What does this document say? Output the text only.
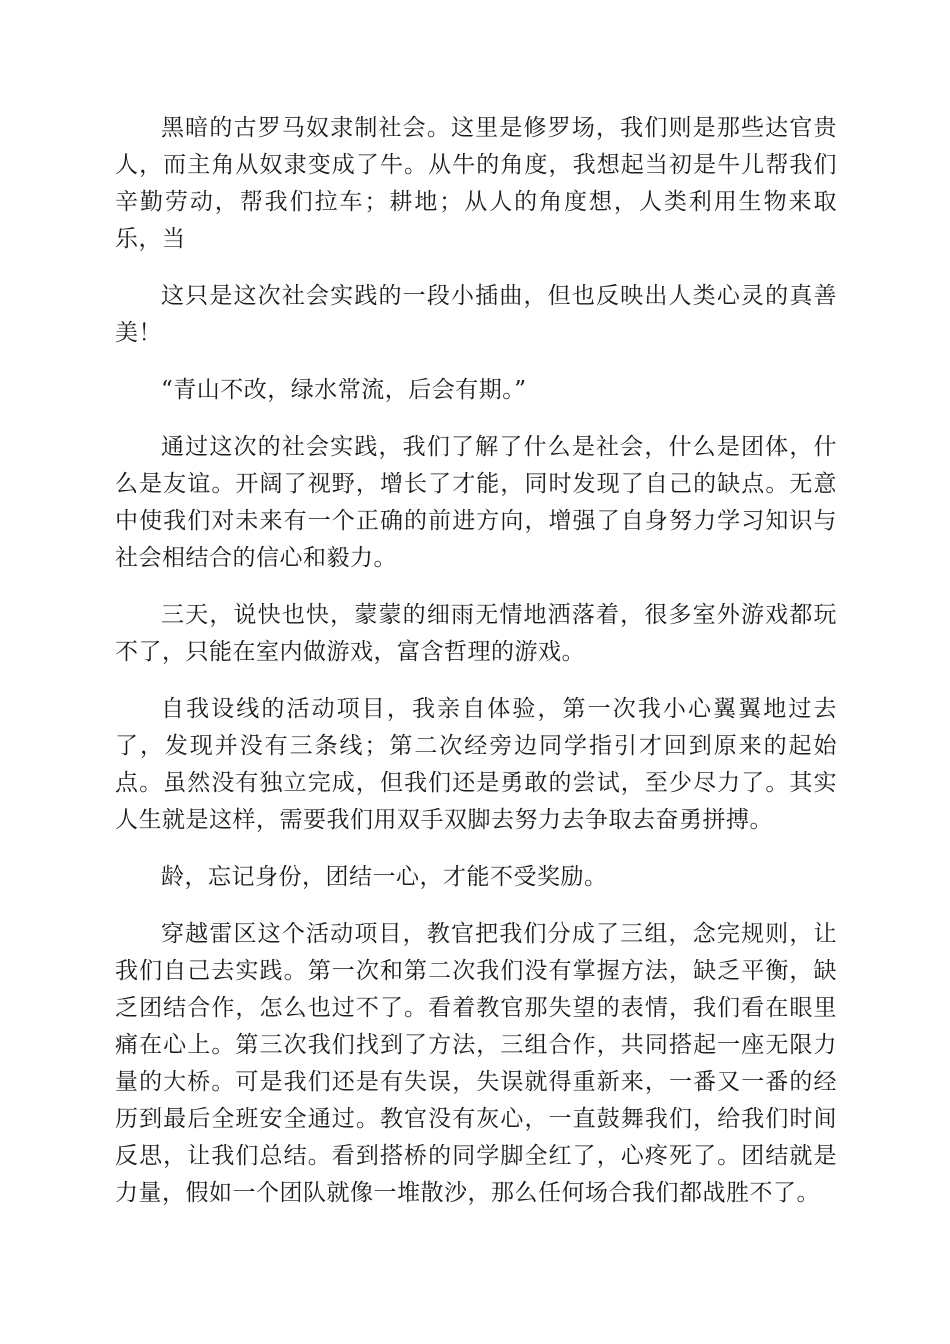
黑暗的古罗马奴隶制社会。这里是修罗场，我们则是那些达官贵人，而主角从奴隶变成了牛。从牛的角度，我想起当初是牛儿帮我们辛勤劳动，帮我们拉车；耕地；从人的角度想，人类利用生物来取乐，当

这只是这次社会实践的一段小插曲，但也反映出人类心灵的真善美！

“青山不改，绿水常流，后会有期。”

通过这次的社会实践，我们了解了什么是社会，什么是团体，什么是友谊。开阔了视野，增长了才能，同时发现了自己的缺点。无意中使我们对未来有一个正确的前进方向，增强了自身努力学习知识与社会相结合的信心和毅力。

三天，说快也快，蒙蒙的细雨无情地洒落着，很多室外游戏都玩不了，只能在室内做游戏，富含哲理的游戏。

自我设线的活动项目，我亲自体验，第一次我小心翼翼地过去了，发现并没有三条线；第二次经旁边同学指引才回到原来的起始点。虽然没有独立完成，但我们还是勇敢的尝试，至少尽力了。其实人生就是这样，需要我们用双手双脚去努力去争取去奋勇拼搏。

龄，忘记身份，团结一心，才能不受奖励。

穿越雷区这个活动项目，教官把我们分成了三组，念完规则，让我们自己去实践。第一次和第二次我们没有掌握方法，缺乏平衡，缺乏团结合作，怎么也过不了。看着教官那失望的表情，我们看在眼里痛在心上。第三次我们找到了方法，三组合作，共同搭起一座无限力量的大桥。可是我们还是有失误，失误就得重新来，一番又一番的经历到最后全班安全通过。教官没有灰心，一直鼓舞我们，给我们时间反思，让我们总结。看到搭桥的同学脚全红了，心疼死了。团结就是力量，假如一个团队就像一堆散沙，那么任何场合我们都战胜不了。
